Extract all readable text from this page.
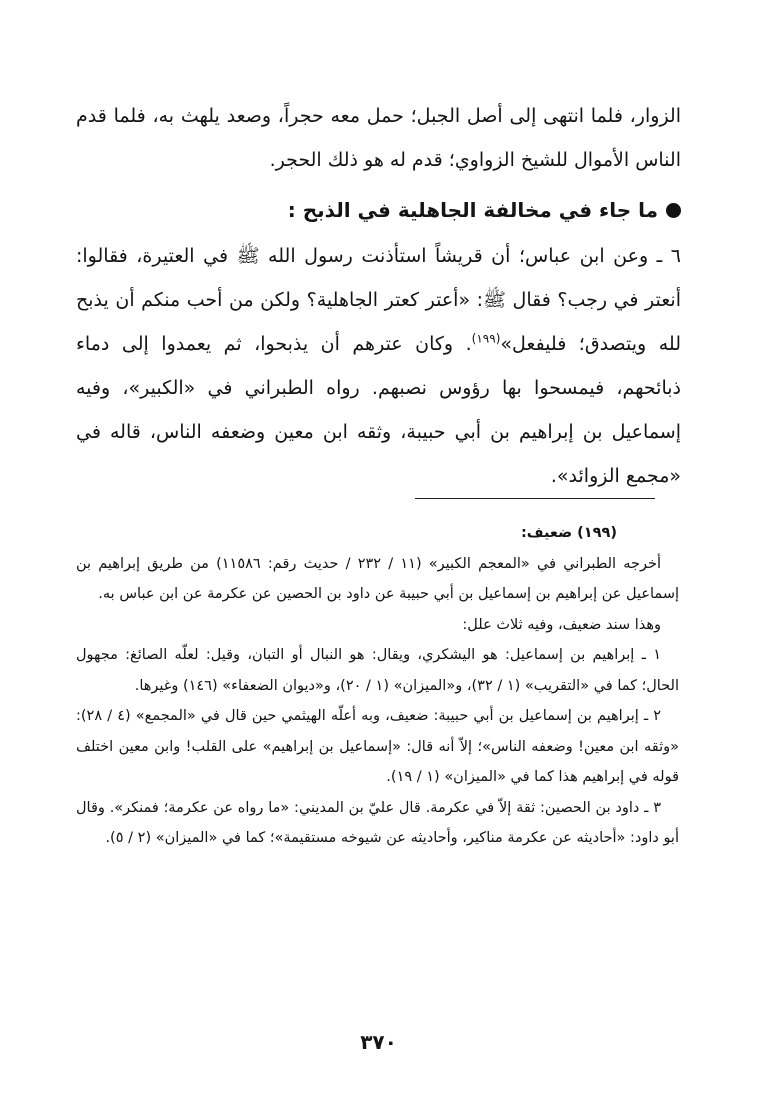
الزوار، فلما انتهى إلى أصل الجبل؛ حمل معه حجراً، وصعد يلهث به، فلما قدم الناس الأموال للشيخ الزواوي؛ قدم له هو ذلك الحجر.

ما جاء في مخالفة الجاهلية في الذبح :

٦ ـ وعن ابن عباس؛ أن قريشاً استأذنت رسول الله ﷺ في العتيرة، فقالوا: أنعتر في رجب؟ فقال ﷺ: «أعتر كعتر الجاهلية؟ ولكن من أحب منكم أن يذبح لله ويتصدق؛ فليفعل»$^{(١٩٩)}$. وكان عترهم أن يذبحوا، ثم يعمدوا إلى دماء ذبائحهم، فيمسحوا بها رؤوس نصبهم. رواه الطبراني في «الكبير»، وفيه إسماعيل بن إبراهيم بن أبي حبيبة، وثقه ابن معين وضعفه الناس، قاله في «مجمع الزوائد».

(١٩٩) ضعيف:

أخرجه الطبراني في «المعجم الكبير» (١١ / ٢٣٢ / حديث رقم: ١١٥٨٦) من طريق إبراهيم بن إسماعيل عن إبراهيم بن إسماعيل بن أبي حبيبة عن داود بن الحصين عن عكرمة عن ابن عباس به.

وهذا سند ضعيف، وفيه ثلاث علل:

١ ـ إبراهيم بن إسماعيل: هو اليشكري، ويقال: هو النبال أو التبان، وقيل: لعلّه الصائغ: مجهول الحال؛ كما في «التقريب» (١ / ٣٢)، و«الميزان» (١ / ٢٠)، و«ديوان الضعفاء» (١٤٦) وغيرها.

٢ ـ إبراهيم بن إسماعيل بن أبي حبيبة: ضعيف، وبه أعلّه الهيثمي حين قال في «المجمع» (٤ / ٢٨): «وثقه ابن معين! وضعفه الناس»؛ إلاّ أنه قال: «إسماعيل بن إبراهيم» على القلب! وابن معين اختلف قوله في إبراهيم هذا كما في «الميزان» (١ / ١٩).

٣ ـ داود بن الحصين: ثقة إلاّ في عكرمة. قال عليّ بن المديني: «ما رواه عن عكرمة؛ فمنكر». وقال أبو داود: «أحاديثه عن عكرمة مناكير، وأحاديثه عن شيوخه مستقيمة»؛ كما في «الميزان» (٢ / ٥).

٣٧٠
